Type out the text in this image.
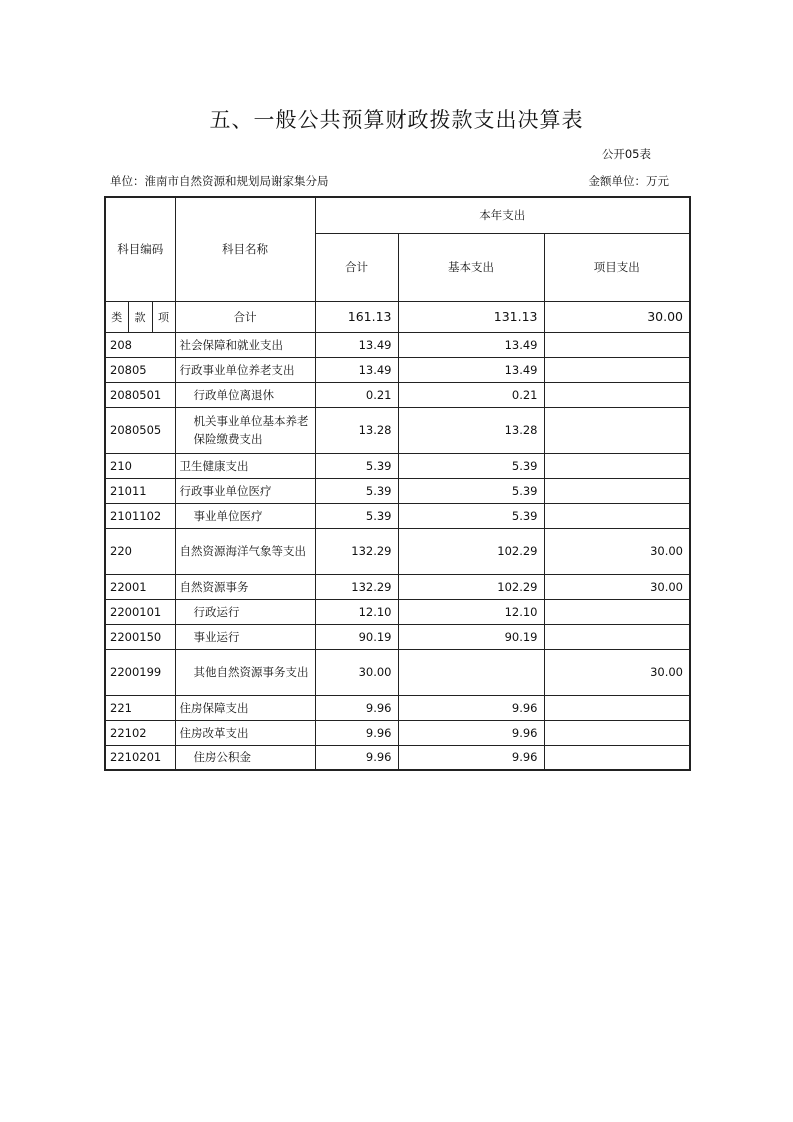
五、一般公共预算财政拨款支出决算表
公开05表
单位：淮南市自然资源和规划局谢家集分局	金额单位：万元
科目编码			科目名称	本年支出		
				合计	基本支出	项目支出
类	款	项	合计	161.13	131.13	30.00
208			社会保障和就业支出	13.49	13.49	
20805			行政事业单位养老支出	13.49	13.49	
2080501			行政单位离退休	0.21	0.21	
2080505			机关事业单位基本养老保险缴费支出	13.28	13.28	
210			卫生健康支出	5.39	5.39	
21011			行政事业单位医疗	5.39	5.39	
2101102			事业单位医疗	5.39	5.39	
220			自然资源海洋气象等支出	132.29	102.29	30.00
22001			自然资源事务	132.29	102.29	30.00
2200101			行政运行	12.10	12.10	
2200150			事业运行	90.19	90.19	
2200199			其他自然资源事务支出	30.00		30.00
221			住房保障支出	9.96	9.96	
22102			住房改革支出	9.96	9.96	
2210201			住房公积金	9.96	9.96	
